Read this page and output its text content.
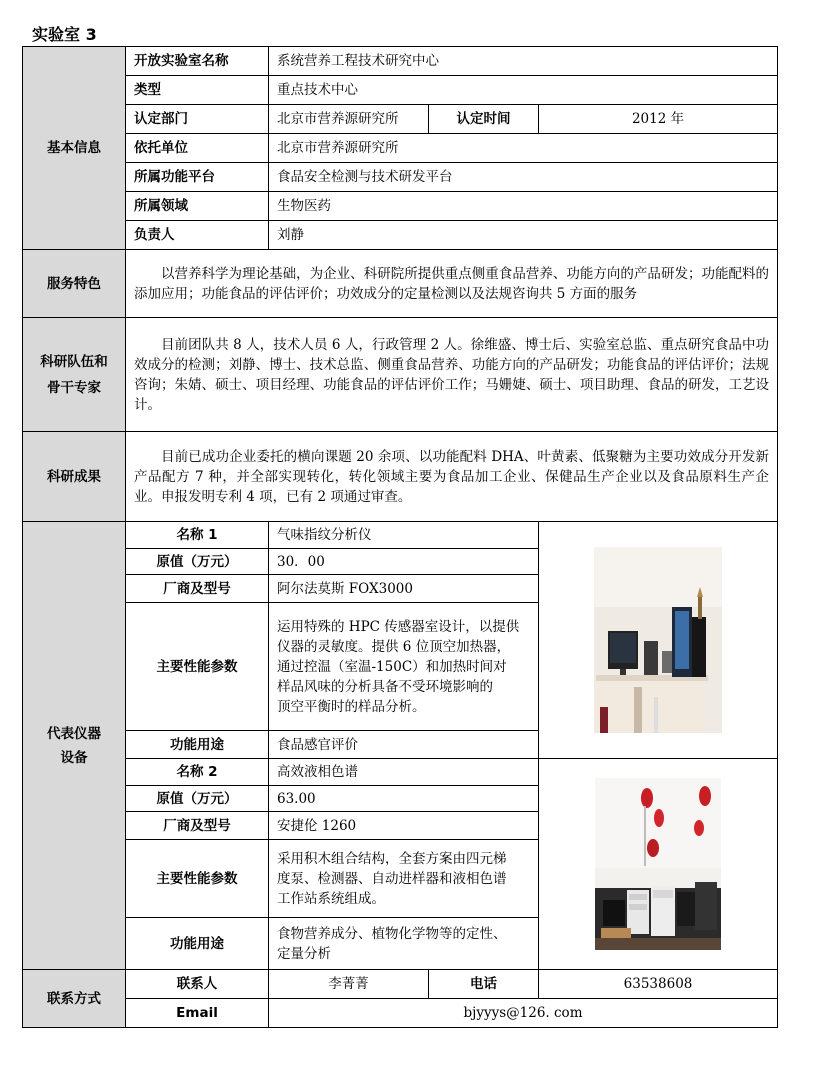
实验室 3
基本信息	开放实验室名称	系统营养工程技术研究中心		
	类型	重点技术中心		
	认定部门	北京市营养源研究所	认定时间	2012 年
	依托单位	北京市营养源研究所		
	所属功能平台	食品安全检测与技术研发平台		
	所属领域	生物医药		
	负责人	刘静		
服务特色	以营养科学为理论基础，为企业、科研院所提供重点侧重食品营养、功能方向的产品研发；功能配料的添加应用；功能食品的评估评价；功效成分的定量检测以及法规咨询共 5 方面的服务			

科研队伍和
骨干专家	目前团队共 8 人，技术人员 6 人，行政管理 2 人。徐维盛、博士后、实验室总监、重点研究食品中功效成分的检测；刘静、博士、技术总监、侧重食品营养、功能方向的产品研发；功能食品的评估评价；法规咨询；朱婧、硕士、项目经理、功能食品的评估评价工作；马姗婕、硕士、项目助理、食品的研发，工艺设计。			
科研成果	目前已成功企业委托的横向课题 20 余项、以功能配料 DHA、叶黄素、低聚糖为主要功效成分开发新产品配方 7 种，并全部实现转化，转化领域主要为食品加工企业、保健品生产企业以及食品原料生产企业。申报发明专利 4 项，已有 2 项通过审查。			

代表仪器
设备	名称 1	气味指纹分析仪	

	原值（万元）	30．00		
	厂商及型号	阿尔法莫斯 FOX3000		
	主要性能参数	运用特殊的 HPC 传感器室设计，以提供
仪器的灵敏度。提供 6 位顶空加热器，
通过控温（室温-150C）和加热时间对
样品风味的分析具备不受环境影响的
顶空平衡时的样品分析。		

	功能用途	食品感官评价		
	名称 2	高效液相色谱	

	原值（万元）	63.00		
	厂商及型号	安捷伦 1260		
	主要性能参数	采用积木组合结构，全套方案由四元梯
度泵、检测器、自动进样器和液相色谱
工作站系统组成。		

	功能用途	食物营养成分、植物化学物等的定性、
定量分析		

联系方式	联系人	李菁菁	电话	63538608
	Email	bjyyys@126. com		
